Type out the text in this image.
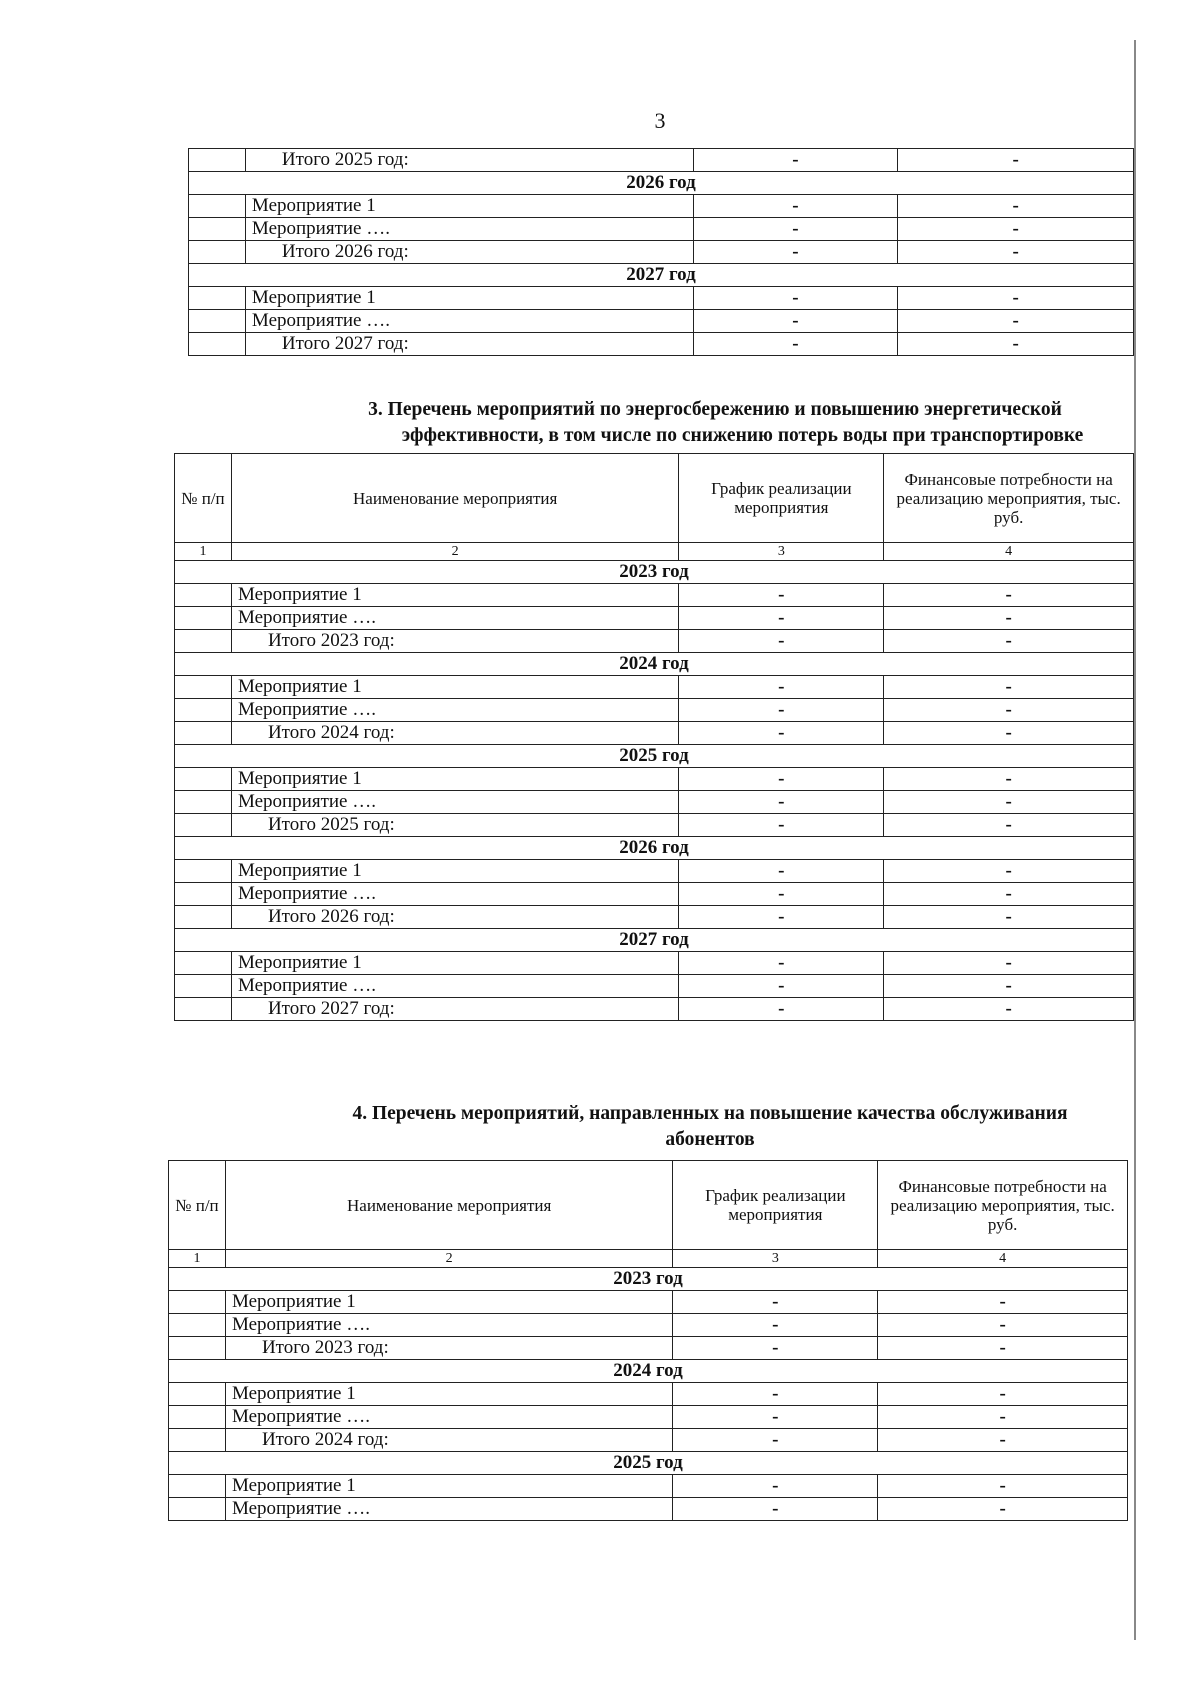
3
	Итого 2025 год:	-	-
2026 год			
	Мероприятие 1	-	-
	Мероприятие ….	-	-
	Итого 2026 год:	-	-
2027 год			
	Мероприятие 1	-	-
	Мероприятие ….	-	-
	Итого 2027 год:	-	-
3. Перечень мероприятий по энергосбережению и повышению энергетической
эффективности, в том числе по снижению потерь воды при транспортировке
№ п/п	Наименование мероприятия	График реализации мероприятия	Финансовые потребности на реализацию мероприятия, тыс. руб.
1	2	3	4
2023 год			
	Мероприятие 1	-	-
	Мероприятие ….	-	-
	Итого 2023 год:	-	-
2024 год			
	Мероприятие 1	-	-
	Мероприятие ….	-	-
	Итого 2024 год:	-	-
2025 год			
	Мероприятие 1	-	-
	Мероприятие ….	-	-
	Итого 2025 год:	-	-
2026 год			
	Мероприятие 1	-	-
	Мероприятие ….	-	-
	Итого 2026 год:	-	-
2027 год			
	Мероприятие 1	-	-
	Мероприятие ….	-	-
	Итого 2027 год:	-	-
4. Перечень мероприятий, направленных на повышение качества обслуживания
абонентов
№ п/п	Наименование мероприятия	График реализации мероприятия	Финансовые потребности на реализацию мероприятия, тыс. руб.
1	2	3	4
2023 год			
	Мероприятие 1	-	-
	Мероприятие ….	-	-
	Итого 2023 год:	-	-
2024 год			
	Мероприятие 1	-	-
	Мероприятие ….	-	-
	Итого 2024 год:	-	-
2025 год			
	Мероприятие 1	-	-
	Мероприятие ….	-	-
